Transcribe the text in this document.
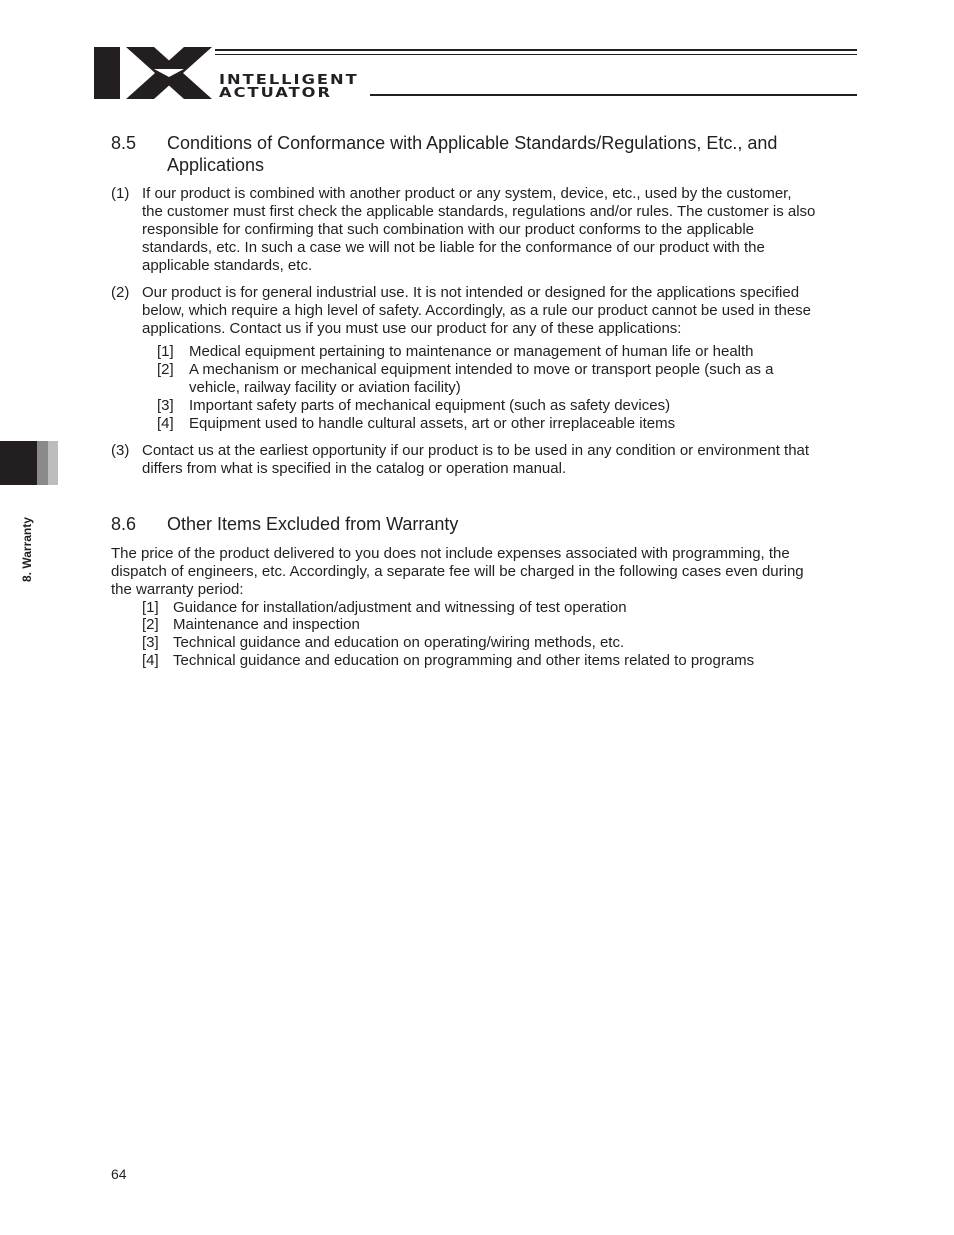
INTELLIGENT
ACTUATOR
8. Warranty
8.5 Conditions of Conformance with Applicable Standards/Regulations, Etc., and
Applications
(1) If our product is combined with another product or any system, device, etc., used by the customer,
the customer must first check the applicable standards, regulations and/or rules. The customer is also
responsible for confirming that such combination with our product conforms to the applicable
standards, etc. In such a case we will not be liable for the conformance of our product with the
applicable standards, etc.
(2) Our product is for general industrial use. It is not intended or designed for the applications specified
below, which require a high level of safety. Accordingly, as a rule our product cannot be used in these
applications. Contact us if you must use our product for any of these applications:
[1] Medical equipment pertaining to maintenance or management of human life or health
[2] A mechanism or mechanical equipment intended to move or transport people (such as a
vehicle, railway facility or aviation facility)
[3] Important safety parts of mechanical equipment (such as safety devices)
[4] Equipment used to handle cultural assets, art or other irreplaceable items
(3) Contact us at the earliest opportunity if our product is to be used in any condition or environment that
differs from what is specified in the catalog or operation manual.
8.6 Other Items Excluded from Warranty
The price of the product delivered to you does not include expenses associated with programming, the
dispatch of engineers, etc. Accordingly, a separate fee will be charged in the following cases even during
the warranty period:
[1] Guidance for installation/adjustment and witnessing of test operation
[2] Maintenance and inspection
[3] Technical guidance and education on operating/wiring methods, etc.
[4] Technical guidance and education on programming and other items related to programs
64
